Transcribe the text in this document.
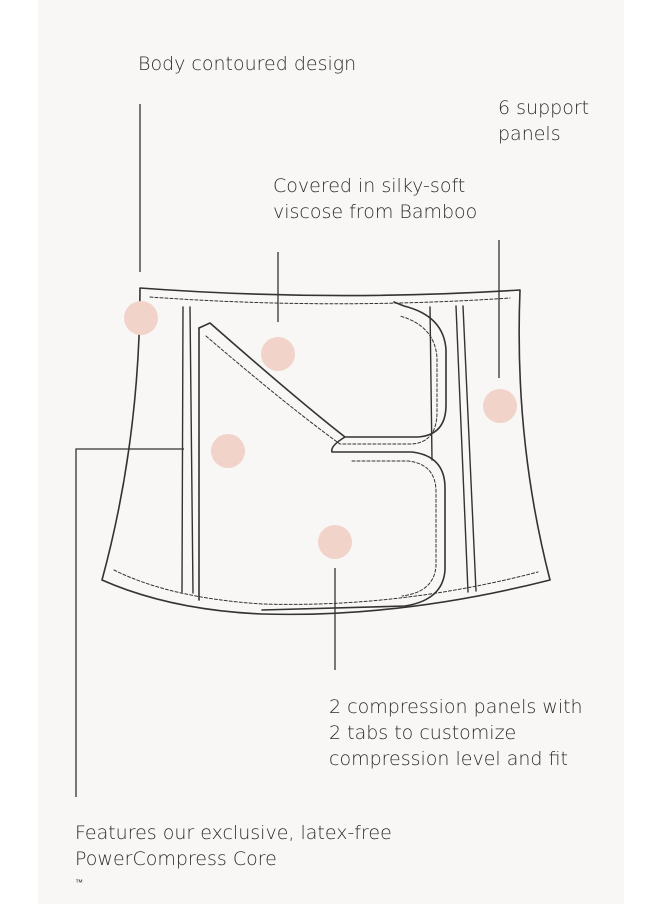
Body contoured design

6 support
panels

Covered in silky-soft
viscose from Bamboo

2 compression panels with
2 tabs to customize
compression level and fit

Features our exclusive, latex-free
PowerCompress Core
™
